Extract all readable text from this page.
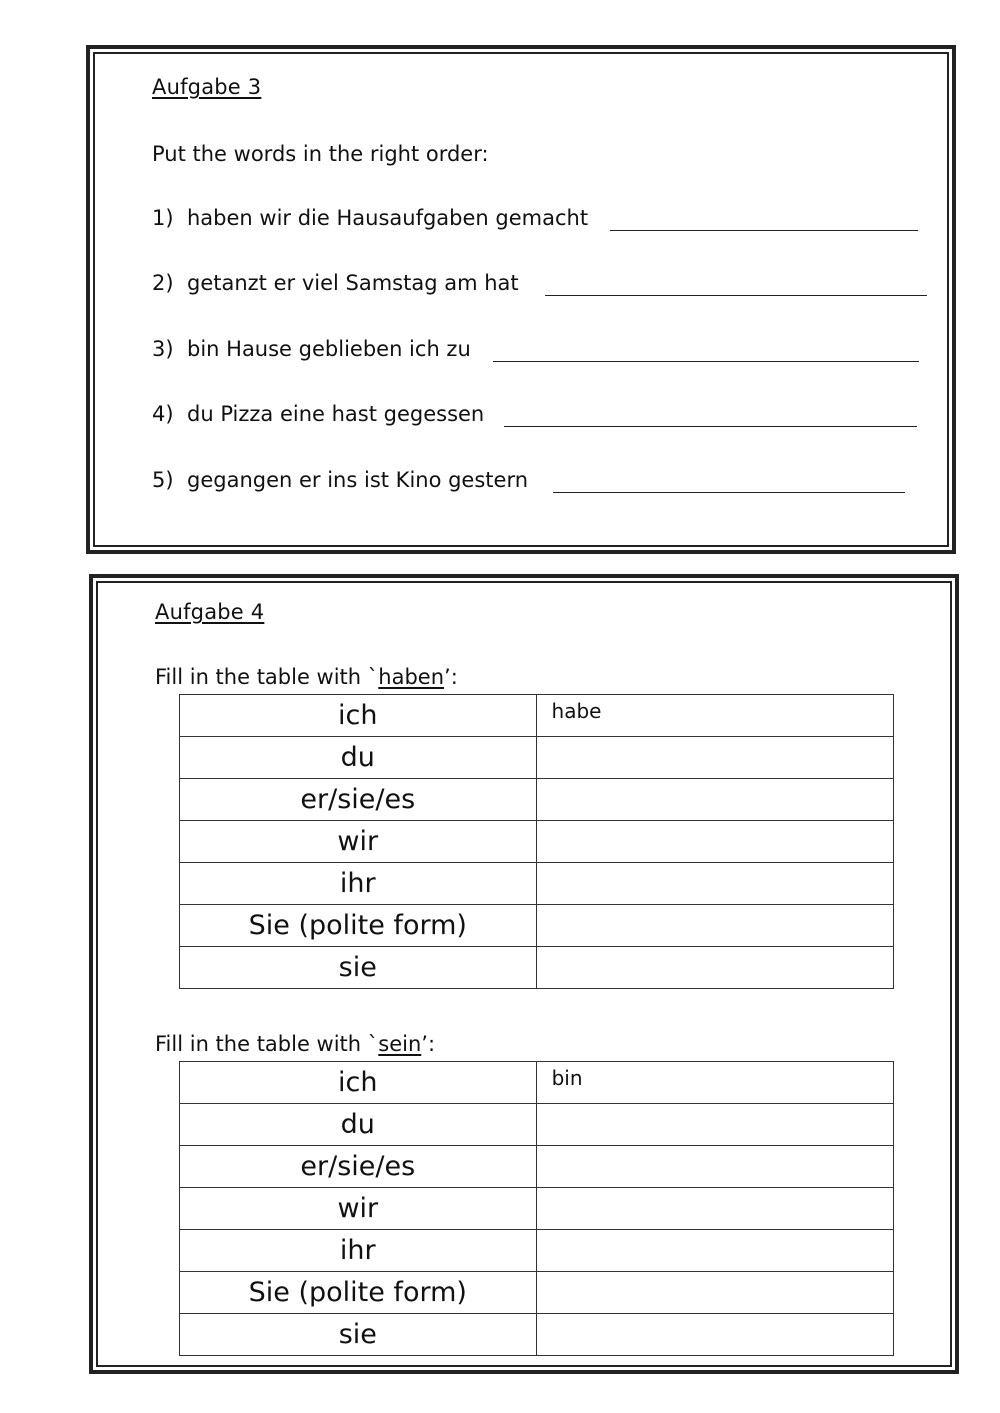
Aufgabe 3
Put the words in the right order:
1) haben wir die Hausaufgaben gemacht
2) getanzt er viel Samstag am hat
3) bin Hause geblieben ich zu
4) du Pizza eine hast gegessen
5) gegangen er ins ist Kino gestern
Aufgabe 4
Fill in the table with `haben’:
ich	habe
du	
er/sie/es	
wir	
ihr	
Sie (polite form)	
sie	
Fill in the table with `sein’:
ich	bin
du	
er/sie/es	
wir	
ihr	
Sie (polite form)	
sie	
